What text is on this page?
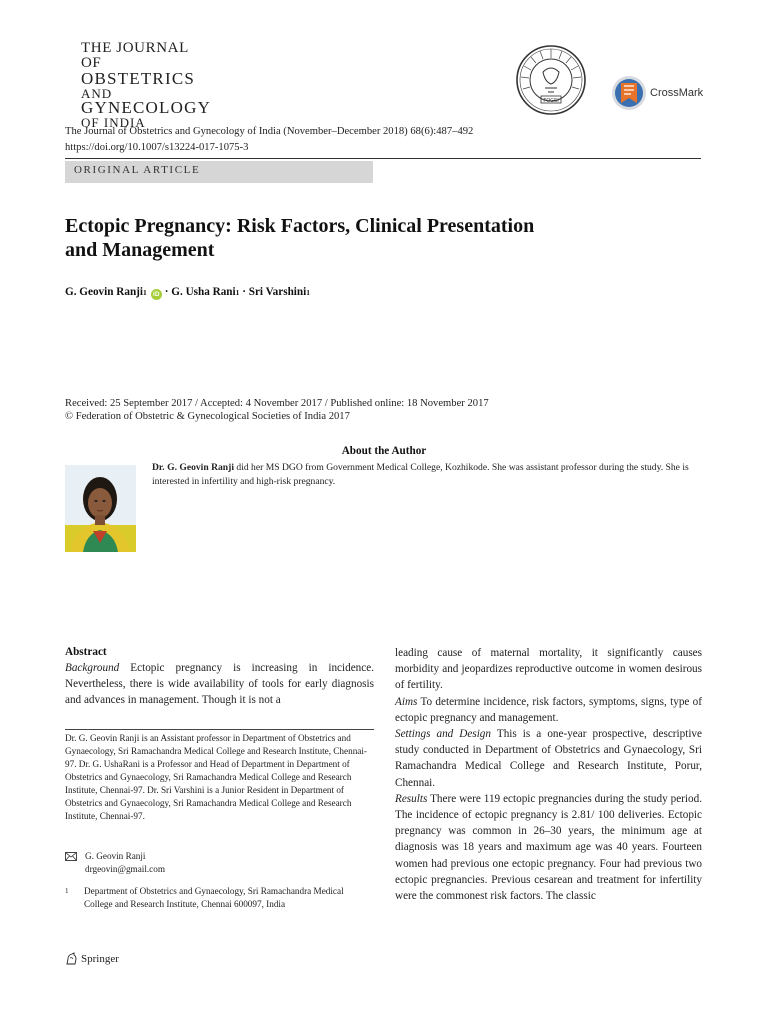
THE JOURNAL OF
OBSTETRICS
AND
GYNECOLOGY
OF INDIA
FOGSI
CrossMark
The Journal of Obstetrics and Gynecology of India (November–December 2018) 68(6):487–492
https://doi.org/10.1007/s13224-017-1075-3
ORIGINAL ARTICLE
Ectopic Pregnancy: Risk Factors, Clinical Presentation
and Management
G. Geovin Ranji 1 iD ·
G. Usha Rani 1
·
Sri Varshini 1
Received: 25 September 2017 / Accepted: 4 November 2017 / Published online: 18 November 2017
© Federation of Obstetric & Gynecological Societies of India 2017
About the Author
Dr. G. Geovin Ranji did her MS DGO from Government Medical College, Kozhikode. She was assistant professor during the study. She is interested in infertility and high-risk pregnancy.
Abstract

Background Ectopic pregnancy is increasing in incidence. Nevertheless, there is wide availability of tools for early diagnosis and advances in management. Though it is not a

Dr. G. Geovin Ranji is an Assistant professor in Department of Obstetrics and Gynaecology, Sri Ramachandra Medical College and Research Institute, Chennai-97. Dr. G. UshaRani is a Professor and Head of Department in Department of Obstetrics and Gynaecology, Sri Ramachandra Medical College and Research Institute, Chennai-97. Dr. Sri Varshini is a Junior Resident in Department of Obstetrics and Gynaecology, Sri Ramachandra Medical College and Research Institute, Chennai-97.
G. Geovin Ranji
drgeovin@gmail.com
1	Department of Obstetrics and Gynaecology, Sri Ramachandra Medical College and Research Institute, Chennai 600097, India

leading cause of maternal mortality, it significantly causes morbidity and jeopardizes reproductive outcome in women desirous of fertility.

Aims To determine incidence, risk factors, symptoms, signs, type of ectopic pregnancy and management.

Settings and Design This is a one-year prospective, descriptive study conducted in Department of Obstetrics and Gynaecology, Sri Ramachandra Medical College and Research Institute, Porur, Chennai.

Results There were 119 ectopic pregnancies during the study period. The incidence of ectopic pregnancy is 2.81/ 100 deliveries. Ectopic pregnancy was common in 26–30 years, the minimum age at diagnosis was 18 years and maximum age was 40 years. Fourteen women had previous one ectopic pregnancy. Four had previous two ectopic pregnancies. Previous cesarean and treatment for infertility were the commonest risk factors. The classic

Springer
